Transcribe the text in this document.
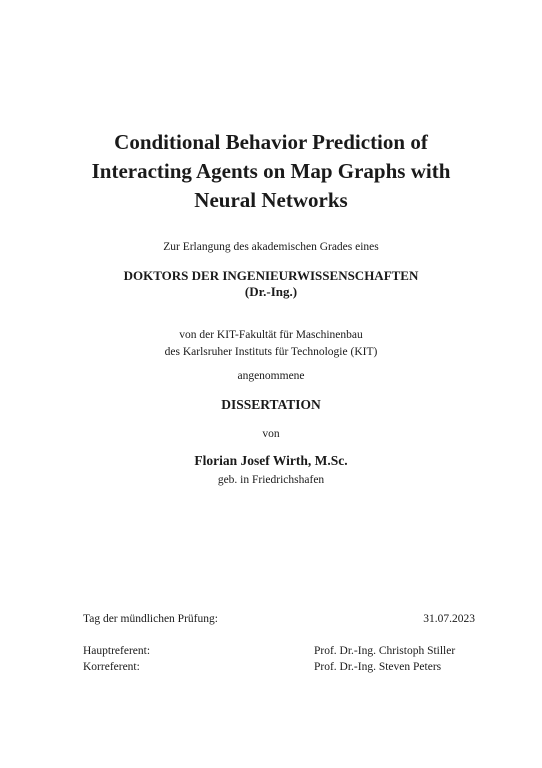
Conditional Behavior Prediction of
Interacting Agents on Map Graphs with
Neural Networks
Zur Erlangung des akademischen Grades eines
DOKTORS DER INGENIEURWISSENSCHAFTEN
(Dr.-Ing.)
von der KIT-Fakultät für Maschinenbau
des Karlsruher Instituts für Technologie (KIT)
angenommene
DISSERTATION
von
Florian Josef Wirth, M.Sc.
geb. in Friedrichshafen
Tag der mündlichen Prüfung:	31.07.2023
Hauptreferent:	Prof. Dr.-Ing. Christoph Stiller
Korreferent:	Prof. Dr.-Ing. Steven Peters
